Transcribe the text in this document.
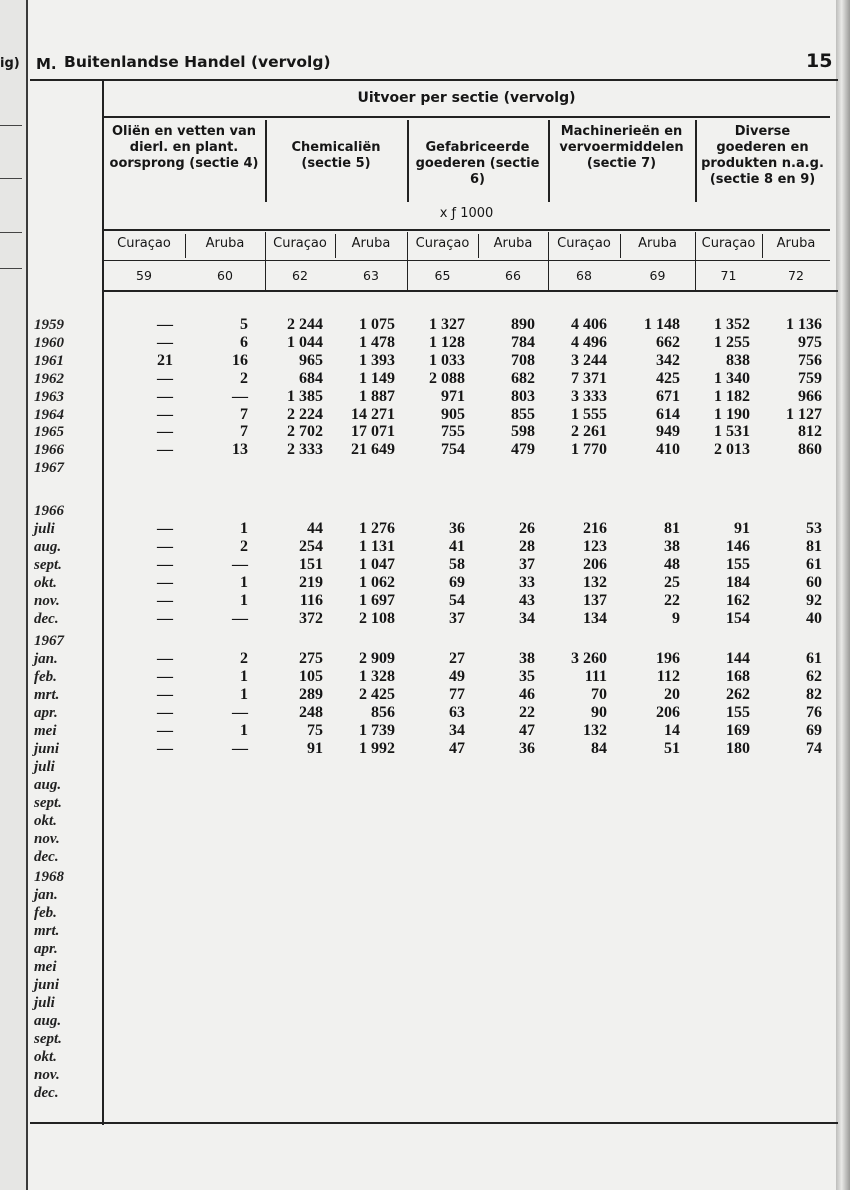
ig) M. Buitenlandse Handel (vervolg)	15
Uitvoer per sectie (vervolg)
x ƒ 1000
Oliën en vetten van dierl. en plant. oorsprong (sectie 4)
Chemicaliën (sectie 5)
Gefabriceerde goederen (sectie 6)
Machinerieën en vervoermiddelen (sectie 7)
Diverse goederen en produkten n.a.g. (sectie 8 en 9)
Curaçao
59
Aruba
60
Curaçao
62
Aruba
63
Curaçao
65
Aruba
66
Curaçao
68
Aruba
69
Curaçao
71
Aruba
72
1959	—	5	2 244	1 075	1 327	890	4 406	1 148	1 352	1 136
1960	—	6	1 044	1 478	1 128	784	4 496	662	1 255	975
1961	21	16	965	1 393	1 033	708	3 244	342	838	756
1962	—	2	684	1 149	2 088	682	7 371	425	1 340	759
1963	—	—	1 385	1 887	971	803	3 333	671	1 182	966
1964	—	7	2 224	14 271	905	855	1 555	614	1 190	1 127
1965	—	7	2 702	17 071	755	598	2 261	949	1 531	812
1966	—	13	2 333	21 649	754	479	1 770	410	2 013	860
1967
1966
juli	—	1	44	1 276	36	26	216	81	91	53
aug.	—	2	254	1 131	41	28	123	38	146	81
sept.	—	—	151	1 047	58	37	206	48	155	61
okt.	—	1	219	1 062	69	33	132	25	184	60
nov.	—	1	116	1 697	54	43	137	22	162	92
dec.	—	—	372	2 108	37	34	134	9	154	40
1967
jan.	—	2	275	2 909	27	38	3 260	196	144	61
feb.	—	1	105	1 328	49	35	111	112	168	62
mrt.	—	1	289	2 425	77	46	70	20	262	82
apr.	—	—	248	856	63	22	90	206	155	76
mei	—	1	75	1 739	34	47	132	14	169	69
juni	—	—	91	1 992	47	36	84	51	180	74
juli
aug.
sept.
okt.
nov.
dec.
1968
jan.
feb.
mrt.
apr.
mei
juni
juli
aug.
sept.
okt.
nov.
dec.
